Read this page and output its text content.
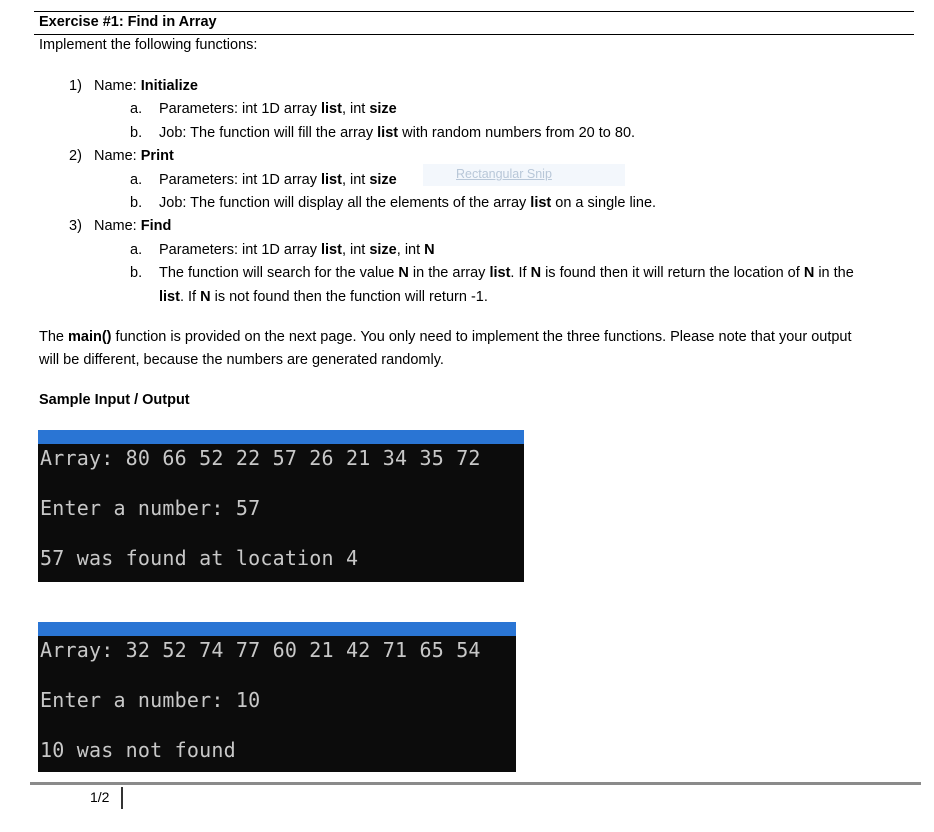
Exercise #1: Find in Array
Implement the following functions:
1) Name: Initialize
a. Parameters: int 1D array list, int size
b. Job: The function will fill the array list with random numbers from 20 to 80.
2) Name: Print
Rectangular Snip
a. Parameters: int 1D array list, int size
b. Job: The function will display all the elements of the array list on a single line.
3) Name: Find
a. Parameters: int 1D array list, int size, int N
b. The function will search for the value N in the array list. If N is found then it will return the location of N in the
list. If N is not found then the function will return -1.
The main() function is provided on the next page. You only need to implement the three functions. Please note that your output
will be different, because the numbers are generated randomly.
Sample Input / Output
Array: 80 66 52 22 57 26 21 34 35 72
Enter a number: 57
57 was found at location 4
Array: 32 52 74 77 60 21 42 71 65 54
Enter a number: 10
10 was not found
1/2
